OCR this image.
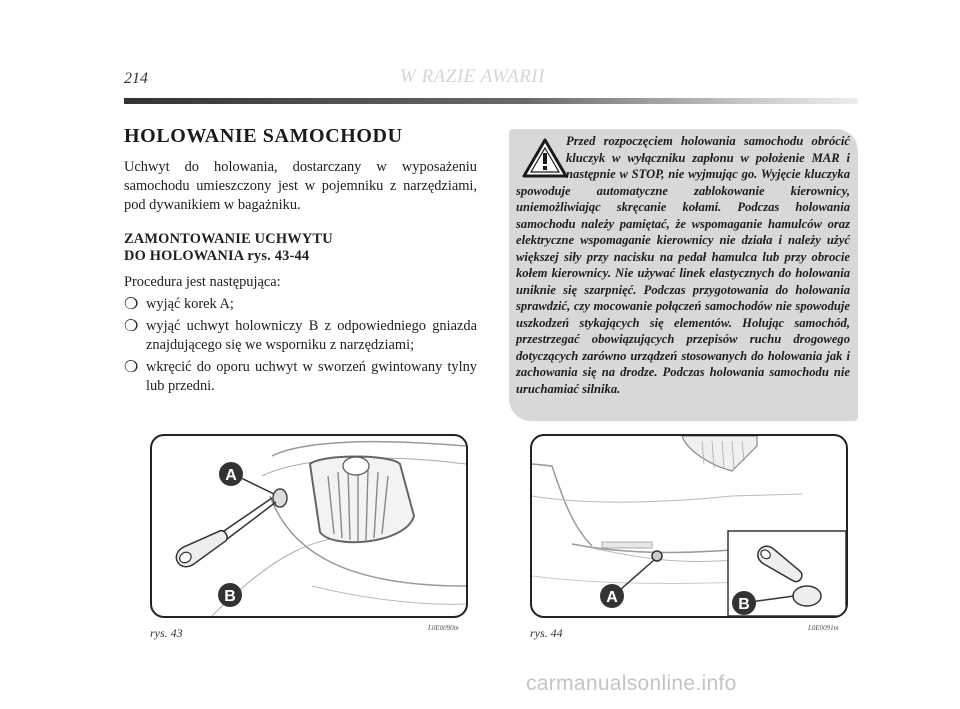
214	W RAZIE AWARII
HOLOWANIE SAMOCHODU

Uchwyt do holowania, dostarczany w wyposażeniu samochodu umieszczony jest w pojemniku z narzędziami, pod dywanikiem w bagażniku.

ZAMONTOWANIE UCHWYTU
DO HOLOWANIA rys. 43-44

Procedura jest następująca:

❍ wyjąć korek A;
❍ wyjąć uchwyt holowniczy B z odpowiedniego gniazda znajdującego się we wsporniku z narzędziami;
❍ wkręcić do oporu uchwyt w sworzeń gwintowany tylny lub przedni.

Przed rozpoczęciem holowania samochodu obrócić kluczyk w wyłączniku zapłonu w położenie MAR i następnie w STOP, nie wyjmując go. Wyjęcie kluczyka spowoduje automatyczne zablokowanie kierownicy, uniemożliwiając skręcanie kołami. Podczas holowania samochodu należy pamiętać, że wspomaganie hamulców oraz elektryczne wspomaganie kierownicy nie działa i należy użyć większej siły przy nacisku na pedał hamulca lub przy obrocie kołem kierownicy. Nie używać linek elastycznych do holowania uniknie się szarpnięć. Podczas przygotowania do holowania sprawdzić, czy mocowanie połączeń samochodów nie spowoduje uszkodzeń stykających się elementów. Holując samochód, przestrzegać obowiązujących przepisów ruchu drogowego dotyczących zarówno urządzeń stosowanych do holowania jak i zachowania się na drodze. Podczas holowania samochodu nie uruchamiać silnika.

A
B
rys. 43	L0E0090m
A	B
rys. 44	L0E0091m
carmanualsonline.info
